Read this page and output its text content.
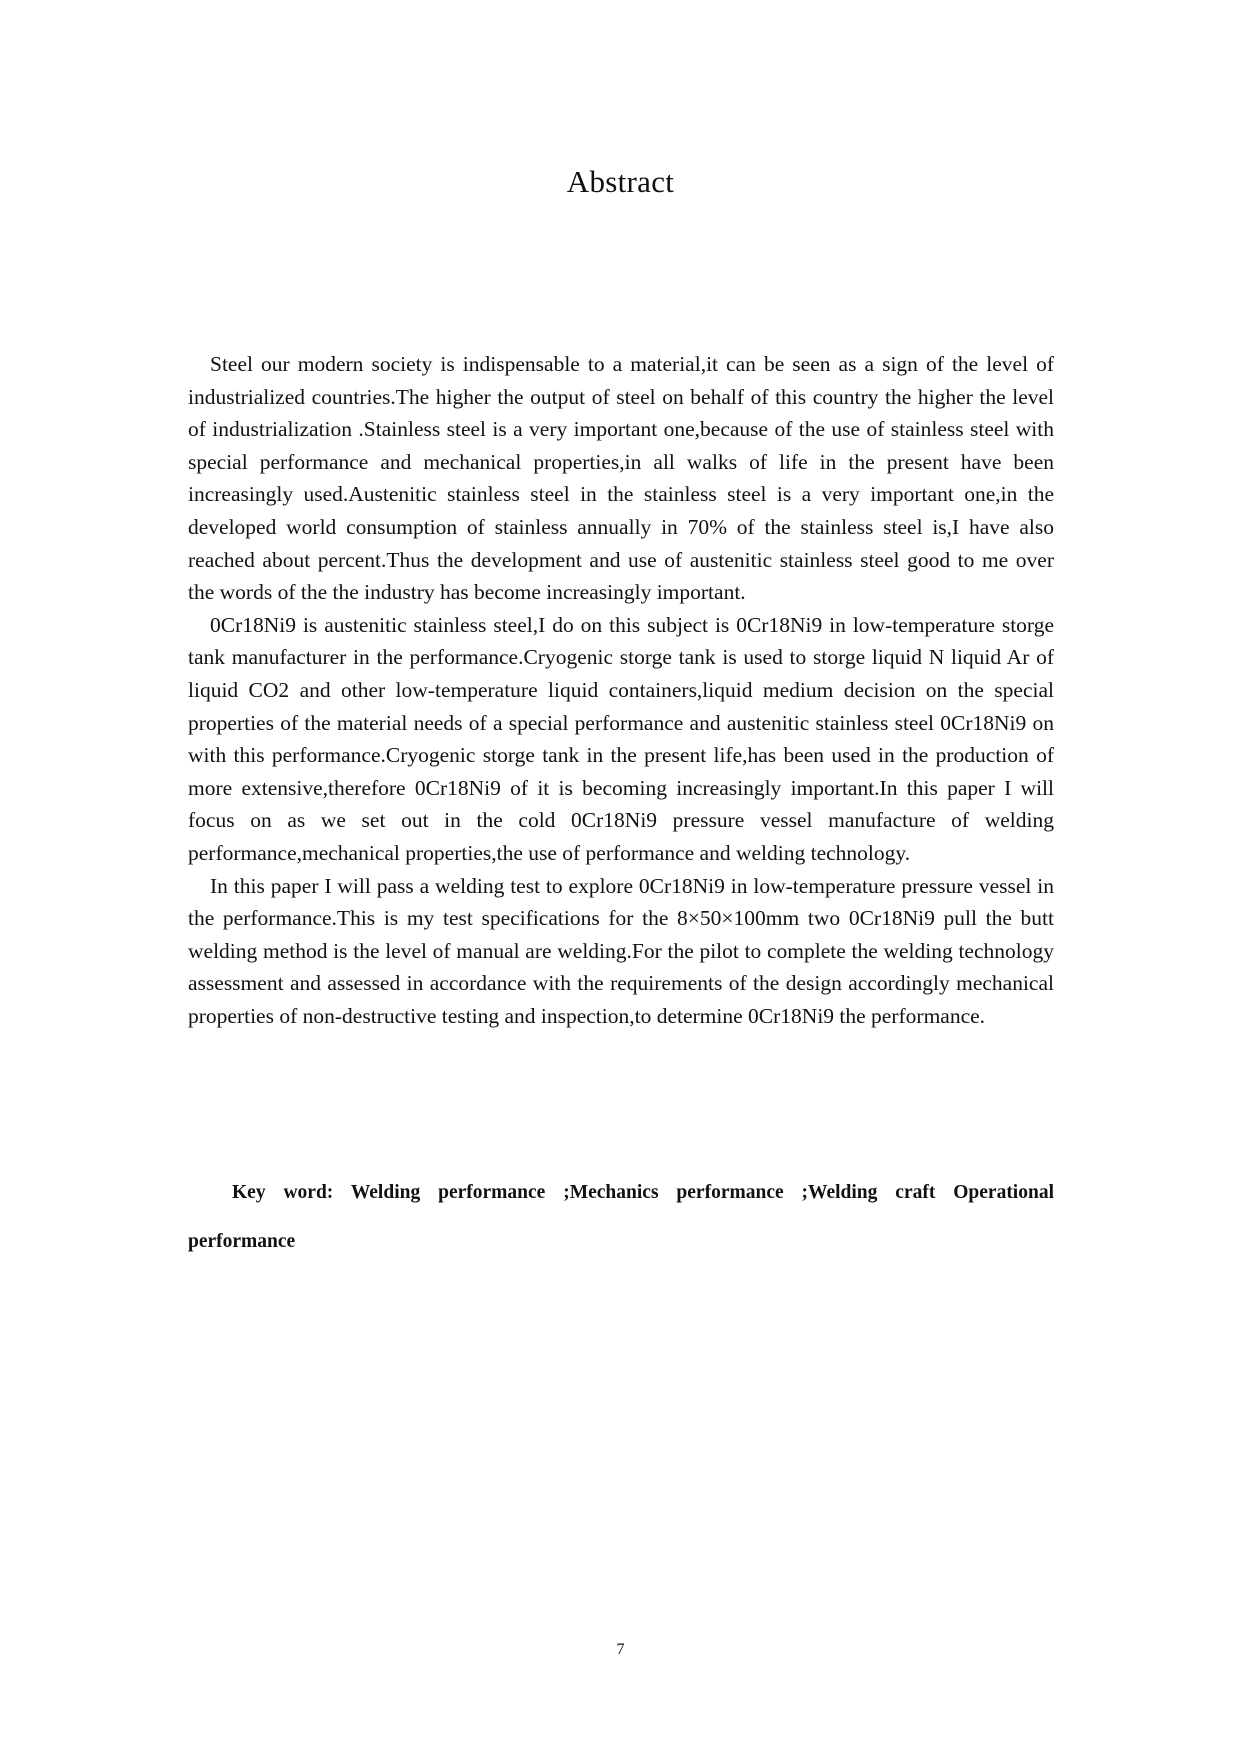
Abstract

Steel our modern society is indispensable to a material,it can be seen as a sign of the level of industrialized countries.The higher the output of steel on behalf of this country the higher the level of industrialization .Stainless steel is a very important one,because of the use of stainless steel with special performance and mechanical properties,in all walks of life in the present have been increasingly used.Austenitic stainless steel in the stainless steel is a very important one,in the developed world consumption of stainless annually in 70% of the stainless steel is,I have also reached about percent.Thus the development and use of austenitic stainless steel good to me over the words of the the industry has become increasingly important.

0Cr18Ni9 is austenitic stainless steel,I do on this subject is 0Cr18Ni9 in low-temperature storge tank manufacturer in the performance.Cryogenic storge tank is used to storge liquid N liquid Ar of liquid CO2 and other low-temperature liquid containers,liquid medium decision on the special properties of the material needs of a special performance and austenitic stainless steel 0Cr18Ni9 on with this performance.Cryogenic storge tank in the present life,has been used in the production of more extensive,therefore 0Cr18Ni9 of it is becoming increasingly important.In this paper I will focus on as we set out in the cold 0Cr18Ni9 pressure vessel manufacture of welding performance,mechanical properties,the use of performance and welding technology.

In this paper I will pass a welding test to explore 0Cr18Ni9 in low-temperature pressure vessel in the performance.This is my test specifications for the 8×50×100mm two 0Cr18Ni9 pull the butt welding method is the level of manual are welding.For the pilot to complete the welding technology assessment and assessed in accordance with the requirements of the design accordingly mechanical properties of non-destructive testing and inspection,to determine 0Cr18Ni9 the performance.

Key word: Welding performance ;Mechanics performance ;Welding craft Operational performance
7
